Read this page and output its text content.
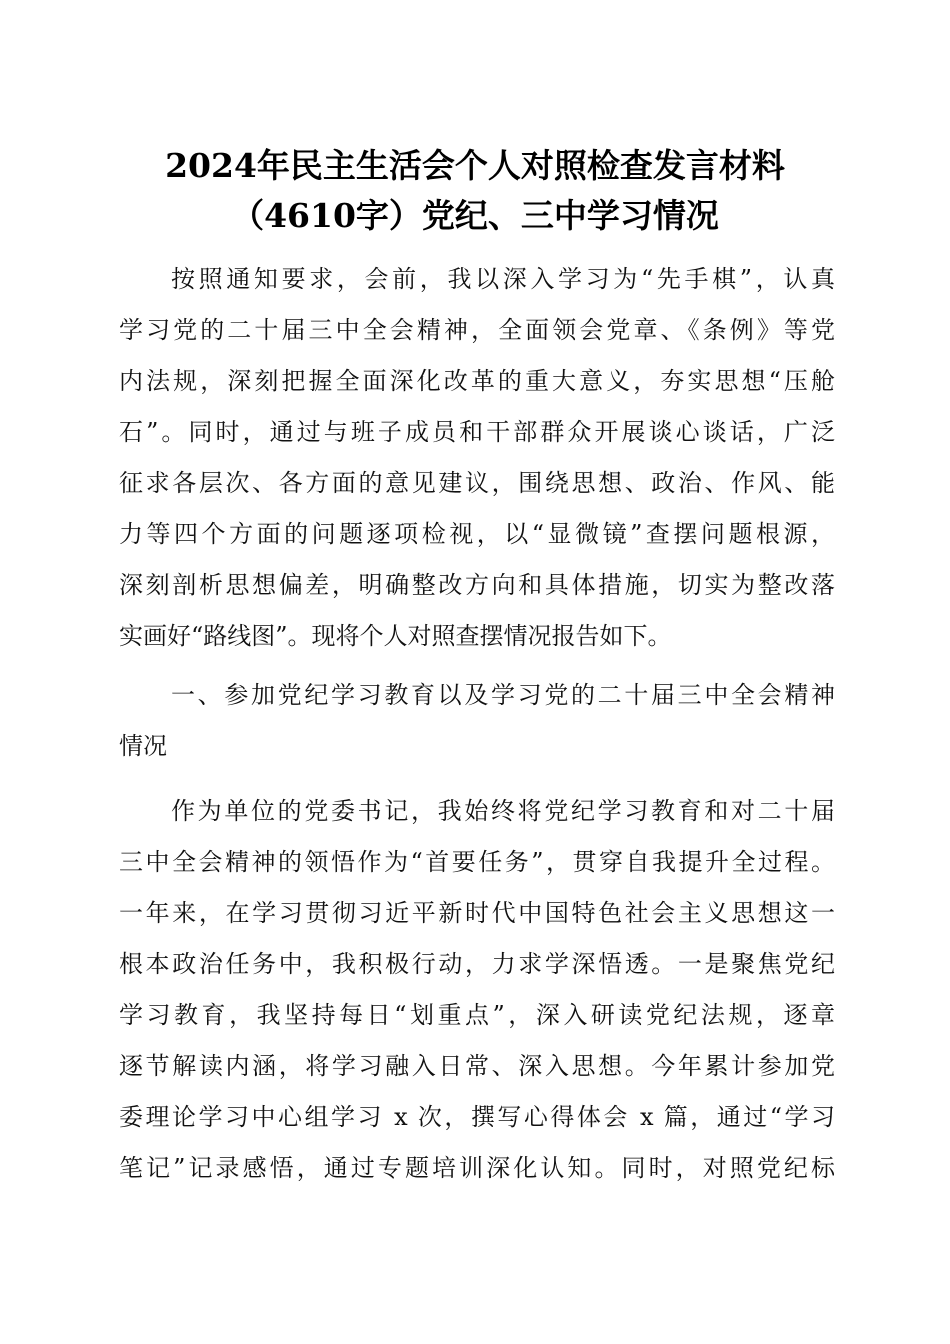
2024年民主生活会个人对照检查发言材料
（4610字）党纪、三中学习情况
按照通知要求，会前，我以深入学习为“先手棋”，认真
学习党的二十届三中全会精神，全面领会党章、《条例》等党
内法规，深刻把握全面深化改革的重大意义，夯实思想“压舱
石”。同时，通过与班子成员和干部群众开展谈心谈话，广泛
征求各层次、各方面的意见建议，围绕思想、政治、作风、能
力等四个方面的问题逐项检视，以“显微镜”查摆问题根源，
深刻剖析思想偏差，明确整改方向和具体措施，切实为整改落
实画好“路线图”。现将个人对照查摆情况报告如下。
一、参加党纪学习教育以及学习党的二十届三中全会精神
情况
作为单位的党委书记，我始终将党纪学习教育和对二十届
三中全会精神的领悟作为“首要任务”，贯穿自我提升全过程。
一年来，在学习贯彻习近平新时代中国特色社会主义思想这一
根本政治任务中，我积极行动，力求学深悟透。一是聚焦党纪
学习教育，我坚持每日“划重点”，深入研读党纪法规，逐章
逐节解读内涵，将学习融入日常、深入思想。今年累计参加党
委理论学习中心组学习 x 次，撰写心得体会 x 篇，通过“学习
笔记”记录感悟，通过专题培训深化认知。同时，对照党纪标
